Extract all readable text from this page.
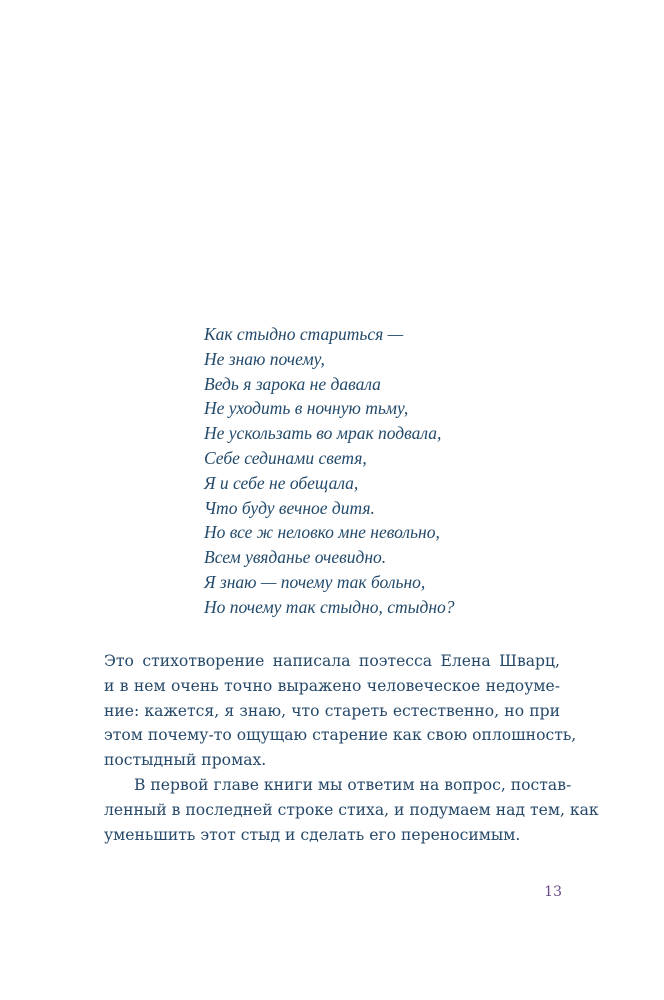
Как стыдно стариться —
Не знаю почему,
Ведь я зарока не давала
Не уходить в ночную тьму,
Не ускользать во мрак подвала,
Себе сединами светя,
Я и себе не обещала,
Что буду вечное дитя.
Но все ж неловко мне невольно,
Всем увяданье очевидно.
Я знаю — почему так больно,
Но почему так стыдно, стыдно?
Это стихотворение написала поэтесса Елена Шварц,
и в нем очень точно выражено человеческое недоуме-
ние: кажется, я знаю, что стареть естественно, но при
этом почему-то ощущаю старение как свою оплошность,
постыдный промах.
В первой главе книги мы ответим на вопрос, постав-
ленный в последней строке стиха, и подумаем над тем, как
уменьшить этот стыд и сделать его переносимым.
13
